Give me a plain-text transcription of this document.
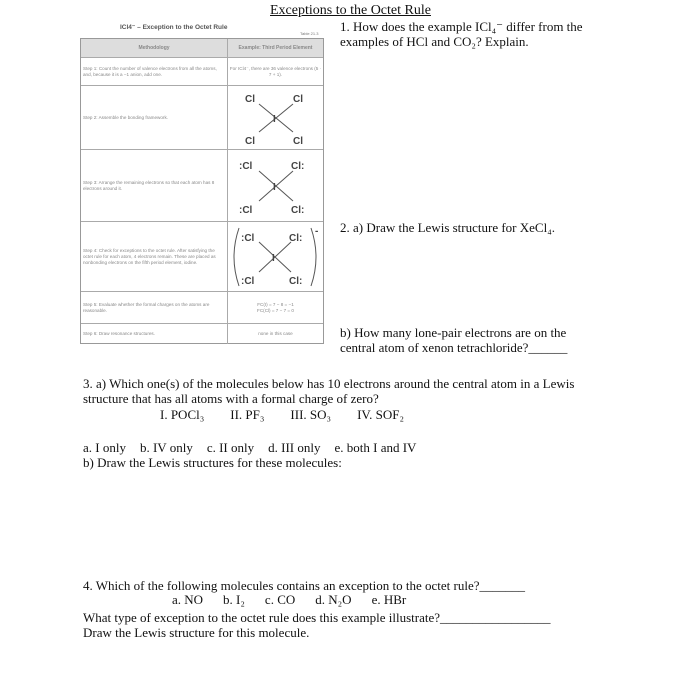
Exceptions to the Octet Rule
ICl4⁻ – Exception to the Octet Rule
Table 21.3
Methodology	Example: Third Period Element
Step 1: Count the number of valence electrons from all the atoms, and, because it is a −1 anion, add one.
For ICl4⁻, there are 36 valence electrons (5 · 7 + 1).
Step 2: Assemble the bonding framework.
Cl	Cl
I
Cl	Cl
Step 3: Arrange the remaining electrons so that each atom has 8 electrons around it.
:Cl	Cl:
I
:Cl	Cl:
Step 4: Check for exceptions to the octet rule. After satisfying the octet rule for each atom, 4 electrons remain. These are placed as nonbonding electrons on the fifth period element, iodine.
:Cl	Cl:
I
:Cl	Cl:
-
Step 5: Evaluate whether the formal charges on the atoms are reasonable.
FC(I) = 7 − 8 = −1
FC(Cl) = 7 − 7 = 0
Step 6: Draw resonance structures.	none in this case
1. How does the example ICl₄⁻ differ from the examples of HCl and CO₂? Explain.
2. a) Draw the Lewis structure for XeCl₄.
b) How many lone-pair electrons are on the central atom of xenon tetrachloride?______
3. a) Which one(s) of the molecules below has 10 electrons around the central atom in a Lewis structure that has all atoms with a formal charge of zero?
I. POCl₃ II. PF₃ III. SO₃ IV. SOF₂
a. I only b. IV only c. II only d. III only e. both I and IV
b) Draw the Lewis structures for these molecules:
4. Which of the following molecules contains an exception to the octet rule?_______
a. NO b. I₂ c. CO d. N₂O e. HBr
What type of exception to the octet rule does this example illustrate?_________________
Draw the Lewis structure for this molecule.
